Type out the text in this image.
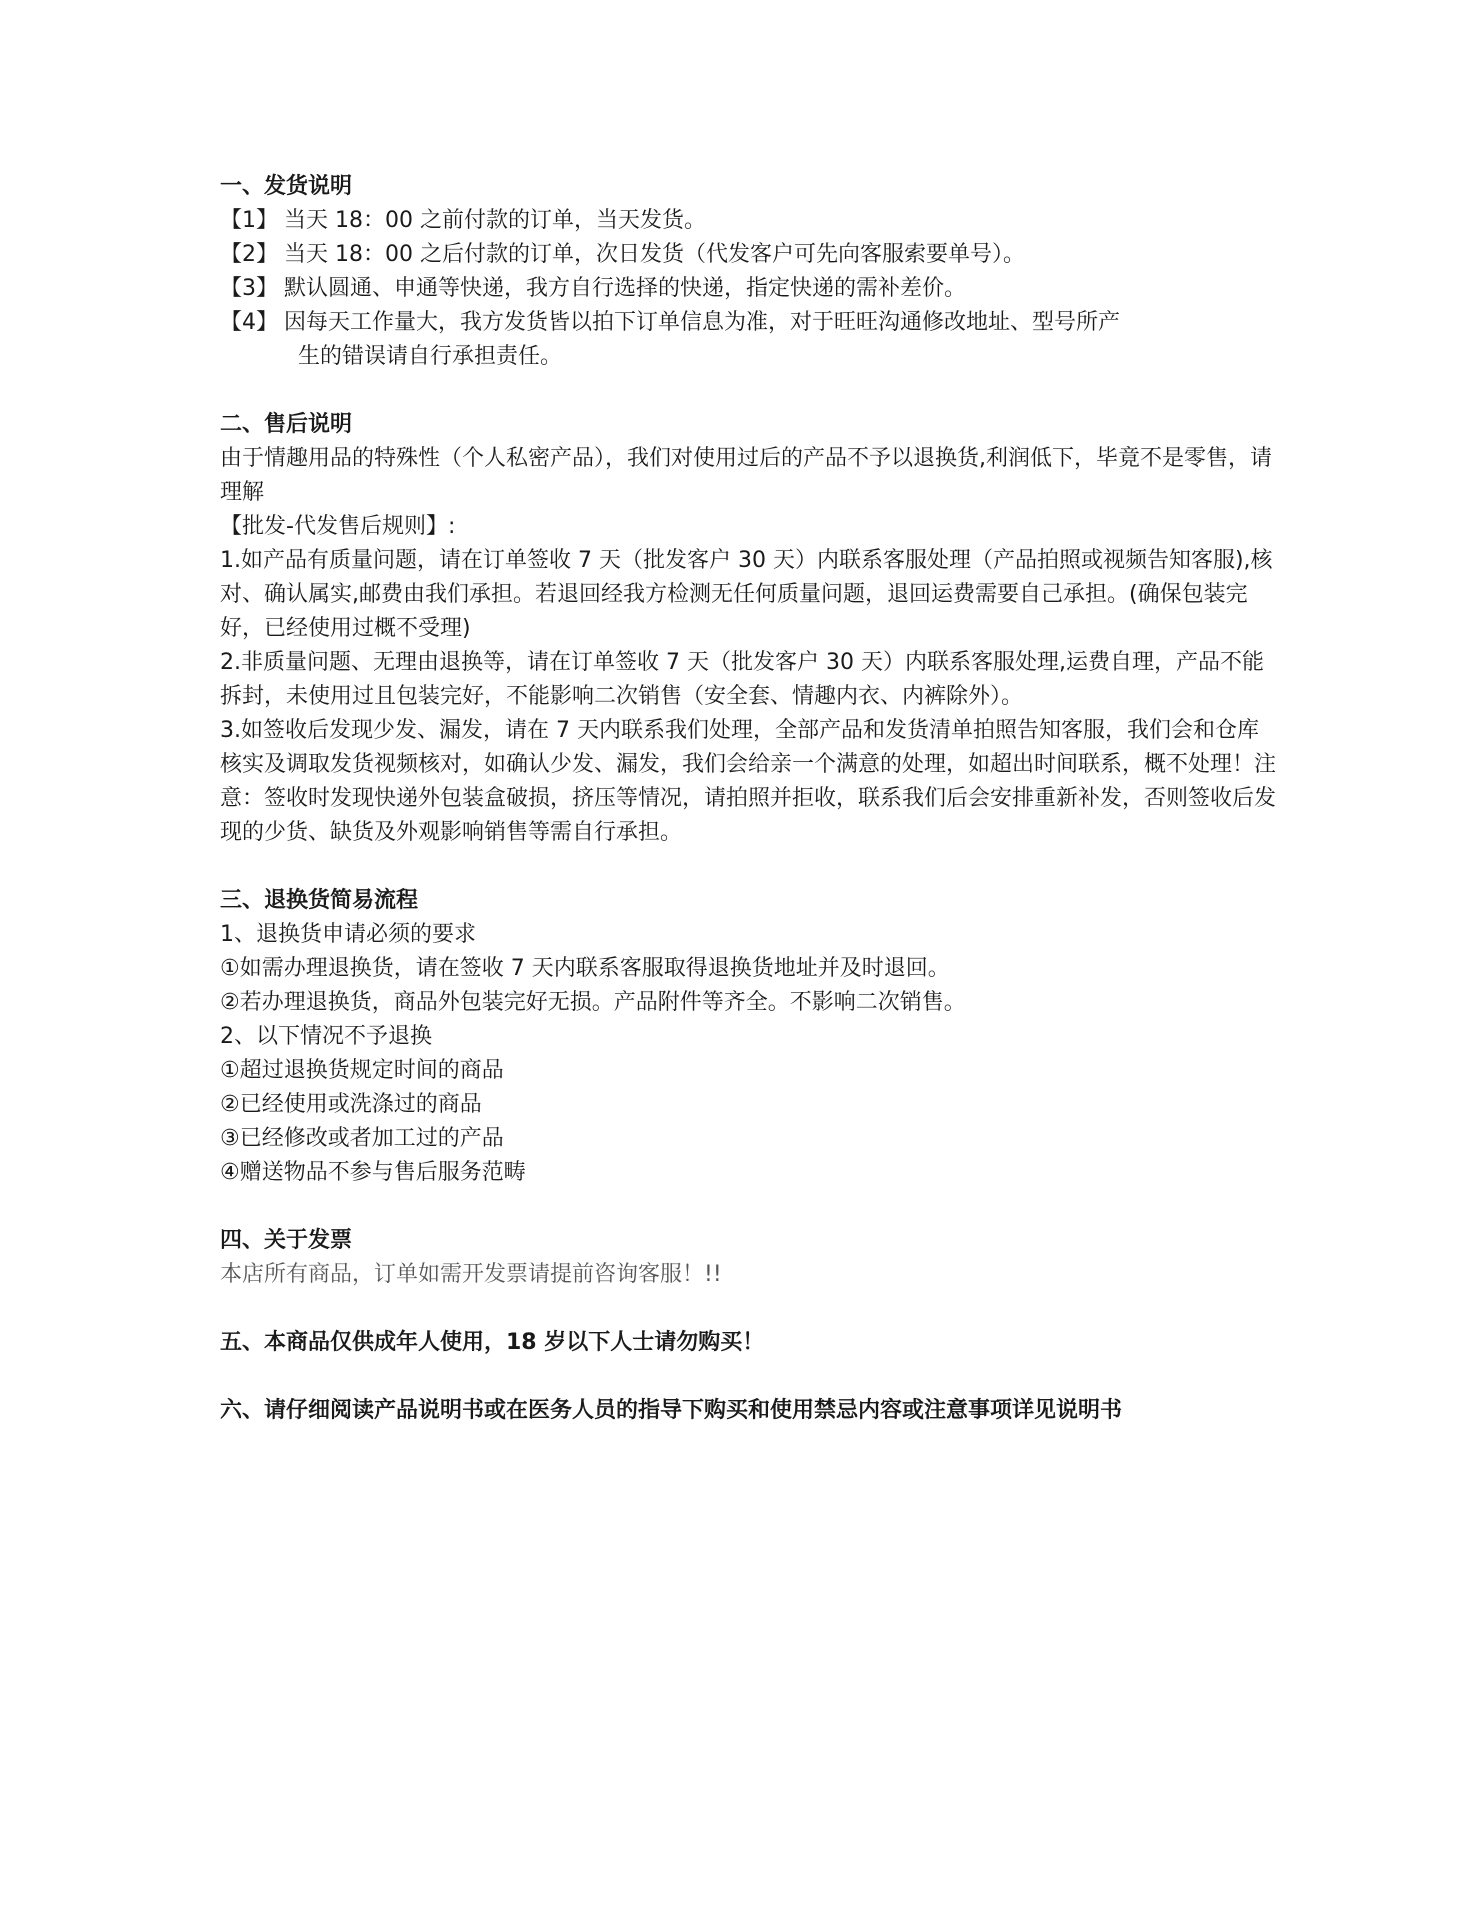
一、发货说明

【1】 当天 18：00 之前付款的订单，当天发货。
【2】 当天 18：00 之后付款的订单，次日发货（代发客户可先向客服索要单号）。
【3】 默认圆通、申通等快递，我方自行选择的快递，指定快递的需补差价。
【4】 因每天工作量大，我方发货皆以拍下订单信息为准，对于旺旺沟通修改地址、型号所产

生的错误请自行承担责任。

二、售后说明

由于情趣用品的特殊性（个人私密产品），我们对使用过后的产品不予以退换货,利润低下，毕竟不是零售，请理解

【批发-代发售后规则】:

1.如产品有质量问题，请在订单签收 7 天（批发客户 30 天）内联系客服处理（产品拍照或视频告知客服),核对、确认属实,邮费由我们承担。若退回经我方检测无任何质量问题，退回运费需要自己承担。(确保包装完好，已经使用过概不受理)

2.非质量问题、无理由退换等，请在订单签收 7 天（批发客户 30 天）内联系客服处理,运费自理，产品不能拆封，未使用过且包装完好，不能影响二次销售（安全套、情趣内衣、内裤除外）。

3.如签收后发现少发、漏发，请在 7 天内联系我们处理，全部产品和发货清单拍照告知客服，我们会和仓库核实及调取发货视频核对，如确认少发、漏发，我们会给亲一个满意的处理，如超出时间联系，概不处理！注意：签收时发现快递外包装盒破损，挤压等情况，请拍照并拒收，联系我们后会安排重新补发，否则签收后发现的少货、缺货及外观影响销售等需自行承担。

三、退换货简易流程

1、退换货申请必须的要求

①如需办理退换货，请在签收 7 天内联系客服取得退换货地址并及时退回。

②若办理退换货，商品外包装完好无损。产品附件等齐全。不影响二次销售。

2、以下情况不予退换

①超过退换货规定时间的商品

②已经使用或洗涤过的商品

③已经修改或者加工过的产品

④赠送物品不参与售后服务范畴

四、关于发票

本店所有商品，订单如需开发票请提前咨询客服！!!

五、本商品仅供成年人使用，18 岁以下人士请勿购买！

六、请仔细阅读产品说明书或在医务人员的指导下购买和使用禁忌内容或注意事项详见说明书
